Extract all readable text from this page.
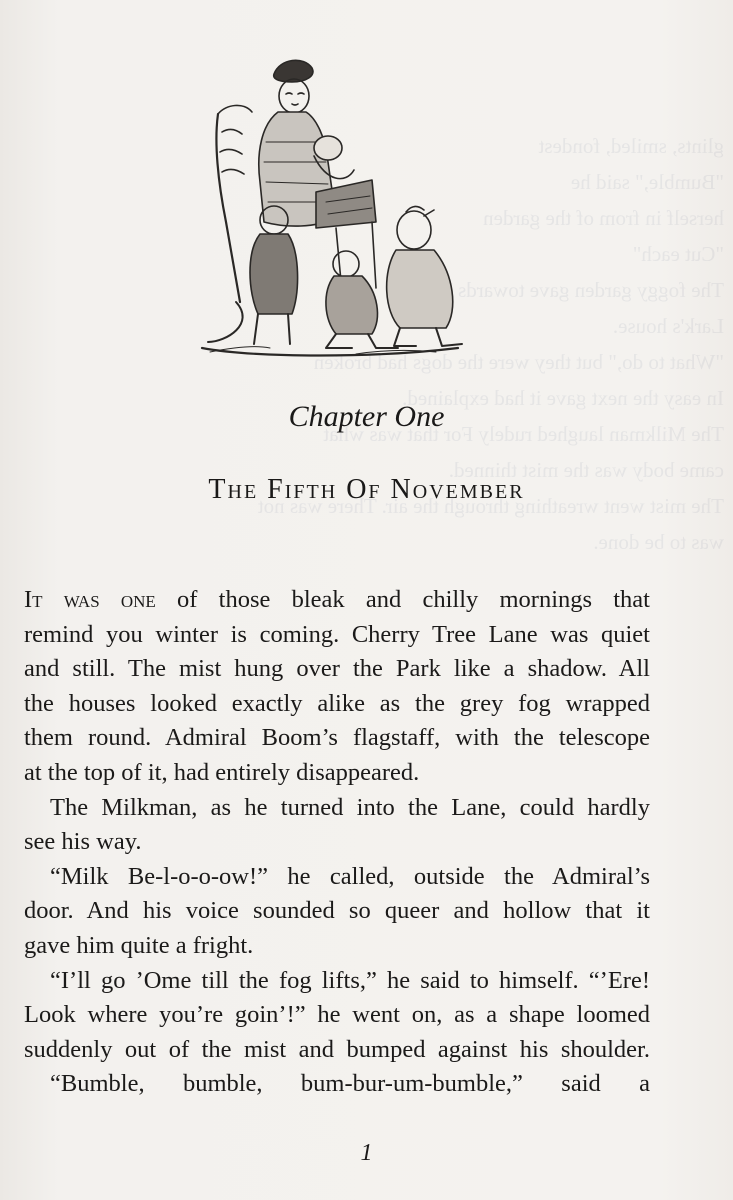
glints, smiled, fondest
"Bumble," said he
herself in from of the garden
"Cut each"
The foggy garden gave towards Miss
Lark's house.
"What to do," but they were the dogs had broken
In easy the next gave it had explained.
The Milkman laughed rudely For that was what
came body was the mist thinned.
The mist went wreathing through the air. There was not
was to be done.
Chapter One
The Fifth Of November
It was one of those bleak and chilly mornings that
remind you winter is coming. Cherry Tree Lane was quiet
and still. The mist hung over the Park like a shadow. All
the houses looked exactly alike as the grey fog wrapped
them round. Admiral Boom’s flagstaff, with the telescope
at the top of it, had entirely disappeared.
The Milkman, as he turned into the Lane, could hardly
see his way.
“Milk Be-l-o-o-ow!” he called, outside the Admiral’s
door. And his voice sounded so queer and hollow that it
gave him quite a fright.
“I’ll go ’Ome till the fog lifts,” he said to himself. “’Ere!
Look where you’re goin’!” he went on, as a shape loomed
suddenly out of the mist and bumped against his shoulder.
“Bumble, bumble, bum-bur-um-bumble,” said a
1
